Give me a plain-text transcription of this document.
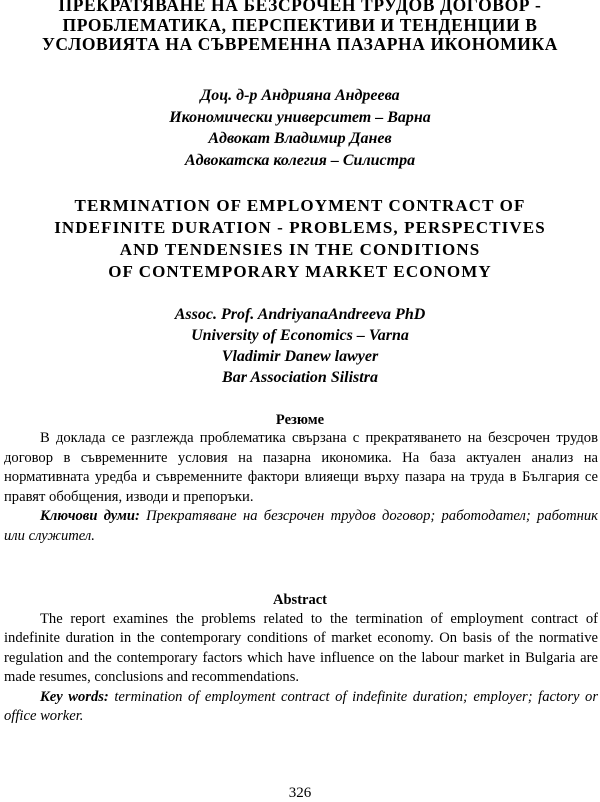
ПРЕКРАТЯВАНЕ НА БЕЗСРОЧЕН ТРУДОВ ДОГОВОР -
ПРОБЛЕМАТИКА, ПЕРСПЕКТИВИ И ТЕНДЕНЦИИ В
УСЛОВИЯТА НА СЪВРЕМЕННА ПАЗАРНА ИКОНОМИКА
Доц. д-р Андрияна Андреева
Икономически университет – Варна
Адвокат Владимир Данев
Адвокатска колегия – Силистра
TERMINATION OF EMPLOYMENT CONTRACT OF
INDEFINITE DURATION - PROBLEMS, PERSPECTIVES
AND TENDENSIES IN THE CONDITIONS
OF CONTEMPORARY MARKET ECONOMY
Assoc. Prof. AndriyanaAndreeva PhD
University of Economics – Varna
Vladimir Danew lawyer
Bar Association Silistra
Резюме

В доклада се разглежда проблематика свързана с прекратяването на безсрочен трудов договор в съвременните условия на пазарна икономика. На база актуален анализ на нормативната уредба и съвременните фактори влияещи върху пазара на труда в България се правят обобщения, изводи и препоръки.

Ключови думи: Прекратяване на безсрочен трудов договор; работодател; работник или служител.

Abstract

The report examines the problems related to the termination of employment contract of indefinite duration in the contemporary conditions of market economy. On basis of the normative regulation and the contemporary factors which have influence on the labour market in Bulgaria are made resumes, conclusions and recommendations.

Key words: termination of employment contract of indefinite duration; employer; factory or office worker.

326
